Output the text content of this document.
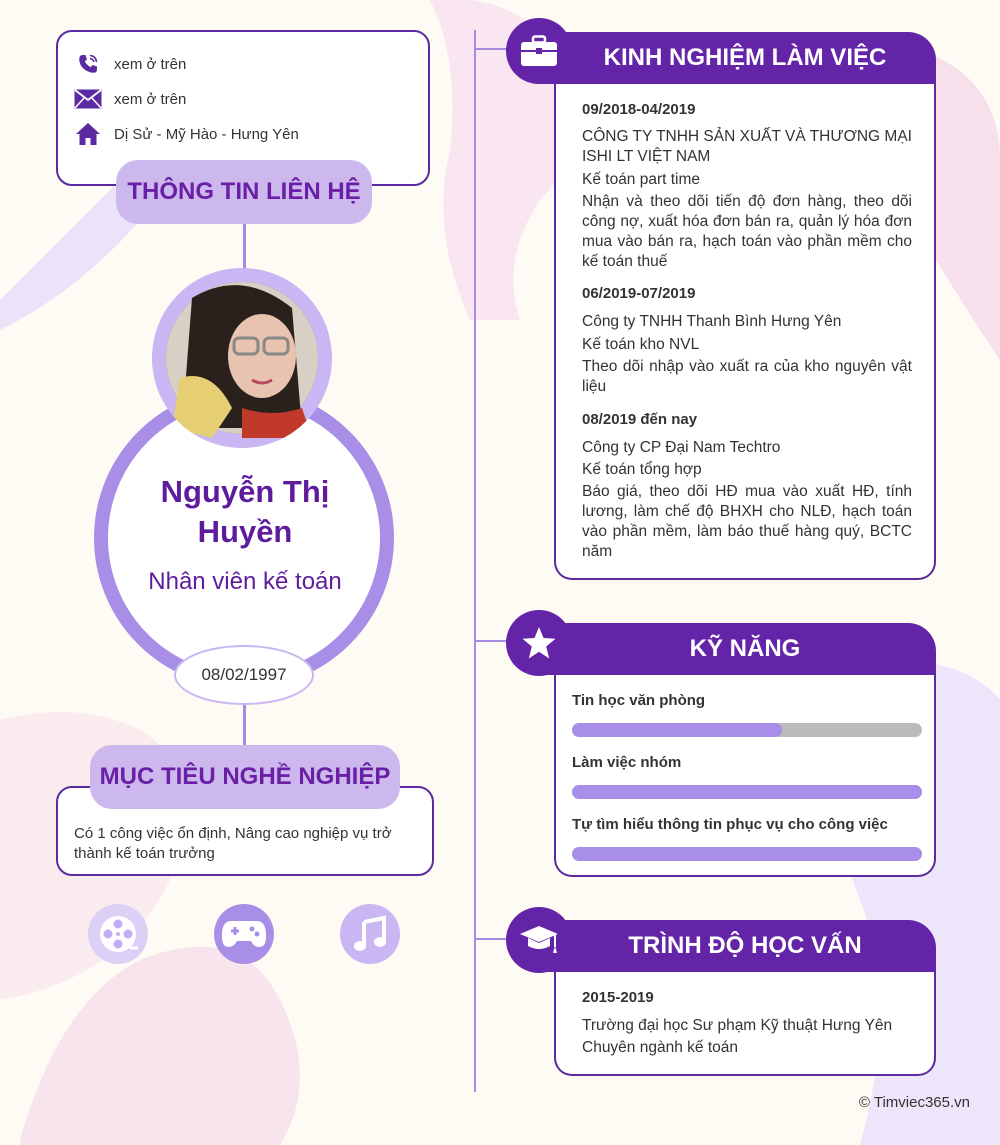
xem ở trên
xem ở trên
Dị Sử - Mỹ Hào - Hưng Yên
THÔNG TIN LIÊN HỆ
Nguyễn Thị Huyền
Nhân viên kế toán
08/02/1997
Có 1 công việc ổn định, Nâng cao nghiệp vụ trở thành kế toán trưởng
MỤC TIÊU NGHỀ NGHIỆP
KINH NGHIỆM LÀM VIỆC
09/2018-04/2019
CÔNG TY TNHH SẢN XUẤT VÀ THƯƠNG MẠI ISHI LT VIỆT NAM
Kế toán part time
Nhận và theo dõi tiến độ đơn hàng, theo dõi công nợ, xuất hóa đơn bán ra, quản lý hóa đơn mua vào bán ra, hạch toán vào phần mềm cho kế toán thuế
06/2019-07/2019
Công ty TNHH Thanh Bình Hưng Yên
Kế toán kho NVL
Theo dõi nhập vào xuất ra của kho nguyên vật liệu
08/2019 đến nay
Công ty CP Đại Nam Techtro
Kế toán tổng hợp
Báo giá, theo dõi HĐ mua vào xuất HĐ, tính lương, làm chế độ BHXH cho NLĐ, hạch toán vào phần mềm, làm báo thuế hàng quý, BCTC năm
KỸ NĂNG
Tin học văn phòng
Làm việc nhóm
Tự tìm hiểu thông tin phục vụ cho công việc
TRÌNH ĐỘ HỌC VẤN
2015-2019
Trường đại học Sư phạm Kỹ thuật Hưng Yên
Chuyên ngành kế toán
© Timviec365.vn
